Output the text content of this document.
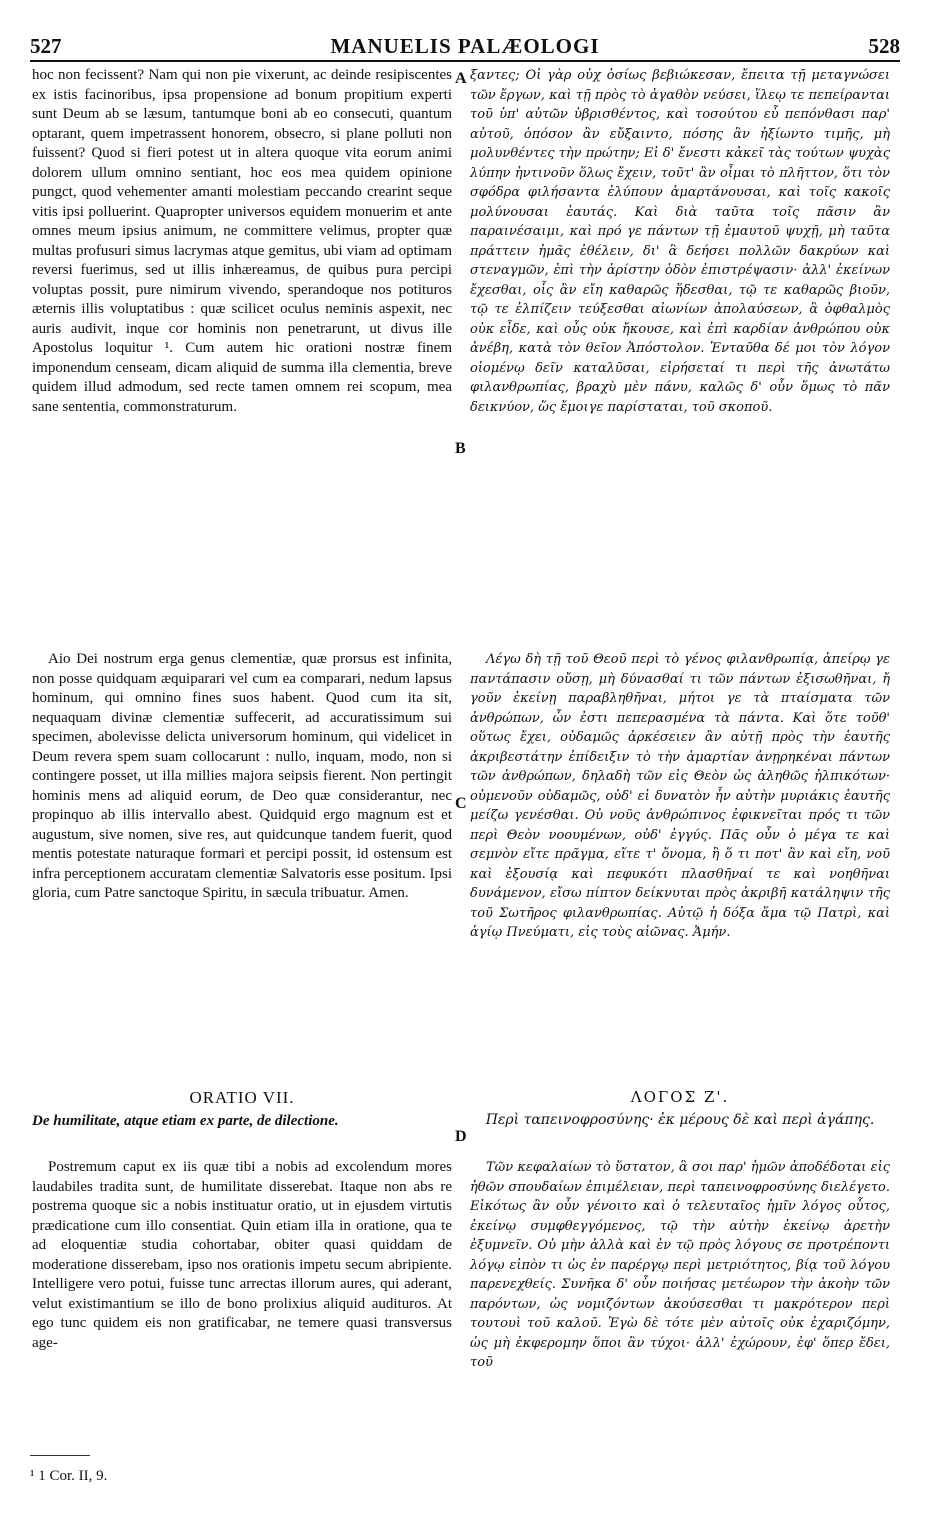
527	MANUELIS PALÆOLOGI	528
A
B
C
D

hoc non fecissent? Nam qui non pie vixerunt, ac deinde resipiscentes ex istis facinoribus, ipsa propensione ad bonum propitium experti sunt Deum ab se læsum, tantumque boni ab eo consecuti, quantum optarant, quem impetrassent honorem, obsecro, si plane polluti non fuissent? Quod si fieri potest ut in altera quoque vita eorum animi dolorem ullum omnino sentiant, hoc eos mea quidem opinione pungct, quod vehementer amanti molestiam peccando crearint seque vitis ipsi polluerint. Quapropter universos equidem monuerim et ante omnes meum ipsius animum, ne committere velimus, propter quæ multas profusuri simus lacrymas atque gemitus, ubi viam ad optimam reversi fuerimus, sed ut illis inhæreamus, de quibus pura percipi voluptas possit, pure nimirum vivendo, sperandoque nos potituros æternis illis voluptatibus : quæ scilicet oculus neminis aspexit, nec auris audivit, inque cor hominis non penetrarunt, ut divus ille Apostolus loquitur ¹. Cum autem hic orationi nostræ finem imponendum censeam, dicam aliquid de summa illa clementia, breve quidem illud admodum, sed recte tamen omnem rei scopum, mea sane sententia, commonstraturum.

Aio Dei nostrum erga genus clementiæ, quæ prorsus est infinita, non posse quidquam æquiparari vel cum ea comparari, nedum lapsus hominum, qui omnino fines suos habent. Quod cum ita sit, nequaquam divinæ clementiæ suffecerit, ad accuratissimum sui specimen, abolevisse delicta universorum hominum, qui videlicet in Deum revera spem suam collocarunt : nullo, inquam, modo, non si contingere posset, ut illa millies majora seipsis fierent. Non pertingit hominis mens ad aliquid eorum, de Deo quæ considerantur, nec propinquo ab illis intervallo abest. Quidquid ergo magnum est et augustum, sive nomen, sive res, aut quidcunque tandem fuerit, quod mentis potestate naturaque formari et percipi possit, id ostensum est infra perceptionem accuratam clementiæ Salvatoris esse positum. Ipsi gloria, cum Patre sanctoque Spiritu, in sæcula tribuatur. Amen.

ORATIO VII.
De humilitate, atque etiam ex parte, de dilectione.

Postremum caput ex iis quæ tibi a nobis ad excolendum mores laudabiles tradita sunt, de humilitate disserebat. Itaque non abs re postrema quoque sic a nobis instituatur oratio, ut in ejusdem virtutis prædicatione cum illo consentiat. Quin etiam illa in oratione, qua te ad eloquentiæ studia cohortabar, obiter quasi quiddam de moderatione disserebam, ipso nos orationis impetu secum abripiente. Intelligere vero potui, fuisse tunc arrectas illorum aures, qui aderant, velut existimantium se illo de bono prolixius aliquid audituros. At ego tunc quidem eis non gratificabar, ne temere quasi transversus age-

ξαντες; Οἱ γὰρ οὐχ ὁσίως βεβιώκεσαν, ἔπειτα τῇ μεταγνώσει τῶν ἔργων, καὶ τῇ πρὸς τὸ ἀγαθὸν νεύσει, ἵλεῳ τε πεπείρανται τοῦ ὑπ' αὐτῶν ὑβρισθέντος, καὶ τοσούτου εὖ πεπόνθασι παρ' αὐτοῦ, ὁπόσον ἂν εὔξαιντο, πόσης ἂν ἠξίωντο τιμῆς, μὴ μολυνθέντες τὴν πρώτην; Εἰ δ' ἔνεστι κἀκεῖ τὰς τούτων ψυχὰς λύπην ἡντινοῦν ὅλως ἔχειν, τοῦτ' ἂν οἶμαι τὸ πλῆττον, ὅτι τὸν σφόδρα φιλήσαντα ἐλύπουν ἁμαρτάνουσαι, καὶ τοῖς κακοῖς μολύνουσαι ἑαυτάς. Καὶ διὰ ταῦτα τοῖς πᾶσιν ἂν παραινέσαιμι, καὶ πρό γε πάντων τῇ ἐμαυτοῦ ψυχῇ, μὴ ταῦτα πράττειν ἡμᾶς ἐθέλειν, δι' ἃ δεήσει πολλῶν δακρύων καὶ στεναγμῶν, ἐπὶ τὴν ἀρίστην ὁδὸν ἐπιστρέψασιν· ἀλλ' ἐκείνων ἔχεσθαι, οἷς ἂν εἴη καθαρῶς ἥδεσθαι, τῷ τε καθαρῶς βιοῦν, τῷ τε ἐλπίζειν τεύξεσθαι αἰωνίων ἀπολαύσεων, ἃ ὀφθαλμὸς οὐκ εἶδε, καὶ οὖς οὐκ ἤκουσε, καὶ ἐπὶ καρδίαν ἀνθρώπου οὐκ ἀνέβη, κατὰ τὸν θεῖον Ἀπόστολον. Ἐνταῦθα δέ μοι τὸν λόγον οἰομένῳ δεῖν καταλῦσαι, εἰρήσεταί τι περὶ τῆς ἀνωτάτω φιλανθρωπίας, βραχὺ μὲν πάνυ, καλῶς δ' οὖν ὅμως τὸ πᾶν δεικνύον, ὥς ἔμοιγε παρίσταται, τοῦ σκοποῦ.

Λέγω δὴ τῇ τοῦ Θεοῦ περὶ τὸ γένος φιλανθρωπίᾳ, ἀπείρῳ γε παντάπασιν οὔσῃ, μὴ δύνασθαί τι τῶν πάντων ἐξισωθῆναι, ἤ γοῦν ἐκείνῃ παραβληθῆναι, μήτοι γε τὰ πταίσματα τῶν ἀνθρώπων, ὧν ἐστι πεπερασμένα τὰ πάντα. Καὶ ὅτε τοῦθ' οὕτως ἔχει, οὐδαμῶς ἀρκέσειεν ἂν αὐτῇ πρὸς τὴν ἑαυτῆς ἀκριβεστάτην ἐπίδειξιν τὸ τὴν ἁμαρτίαν ἀνῃρηκέναι πάντων τῶν ἀνθρώπων, δηλαδὴ τῶν εἰς Θεὸν ὡς ἀληθῶς ἠλπικότων· οὐμενοῦν οὐδαμῶς, οὐδ' εἰ δυνατὸν ἦν αὐτὴν μυριάκις ἑαυτῆς μείζω γενέσθαι. Οὐ νοῦς ἀνθρώπινος ἐφικνεῖται πρός τι τῶν περὶ Θεὸν νοουμένων, οὐδ' ἐγγύς. Πᾶς οὖν ὁ μέγα τε καὶ σεμνὸν εἴτε πρᾶγμα, εἴτε τ' ὄνομα, ἢ ὅ τι ποτ' ἂν καὶ εἴη, νοῦ καὶ ἐξουσίᾳ καὶ πεφυκότι πλασθῆναί τε καὶ νοηθῆναι δυνάμενον, εἴσω πίπτον δείκνυται πρὸς ἀκριβῆ κατάληψιν τῆς τοῦ Σωτῆρος φιλανθρωπίας. Αὐτῷ ἡ δόξα ἅμα τῷ Πατρὶ, καὶ ἁγίῳ Πνεύματι, εἰς τοὺς αἰῶνας. Ἀμήν.

ΛΟΓΟΣ Ζ'.
Περὶ ταπεινοφροσύνης· ἐκ μέρους δὲ καὶ περὶ ἀγάπης.

Τῶν κεφαλαίων τὸ ὕστατον, ἃ σοι παρ' ἡμῶν ἀποδέδοται εἰς ἠθῶν σπουδαίων ἐπιμέλειαν, περὶ ταπεινοφροσύνης διελέγετο. Εἰκότως ἂν οὖν γένοιτο καὶ ὁ τελευταῖος ἡμῖν λόγος οὗτος, ἐκείνῳ συμφθεγγόμενος, τῷ τὴν αὐτὴν ἐκείνῳ ἀρετὴν ἐξυμνεῖν. Οὐ μὴν ἀλλὰ καὶ ἐν τῷ πρὸς λόγους σε προτρέποντι λόγῳ εἰπὸν τι ὡς ἐν παρέργῳ περὶ μετριότητος, βίᾳ τοῦ λόγου παρενεχθείς. Συνῆκα δ' οὖν ποιήσας μετέωρον τὴν ἀκοὴν τῶν παρόντων, ὡς νομιζόντων ἀκούσεσθαι τι μακρότερον περὶ τουτουὶ τοῦ καλοῦ. Ἐγὼ δὲ τότε μὲν αὐτοῖς οὐκ ἐχαριζόμην, ὡς μὴ ἐκφερομην ὅποι ἂν τύχοι· ἀλλ' ἐχώρουν, ἐφ' ὅπερ ἔδει, τοῦ

¹ 1 Cor. II, 9.
